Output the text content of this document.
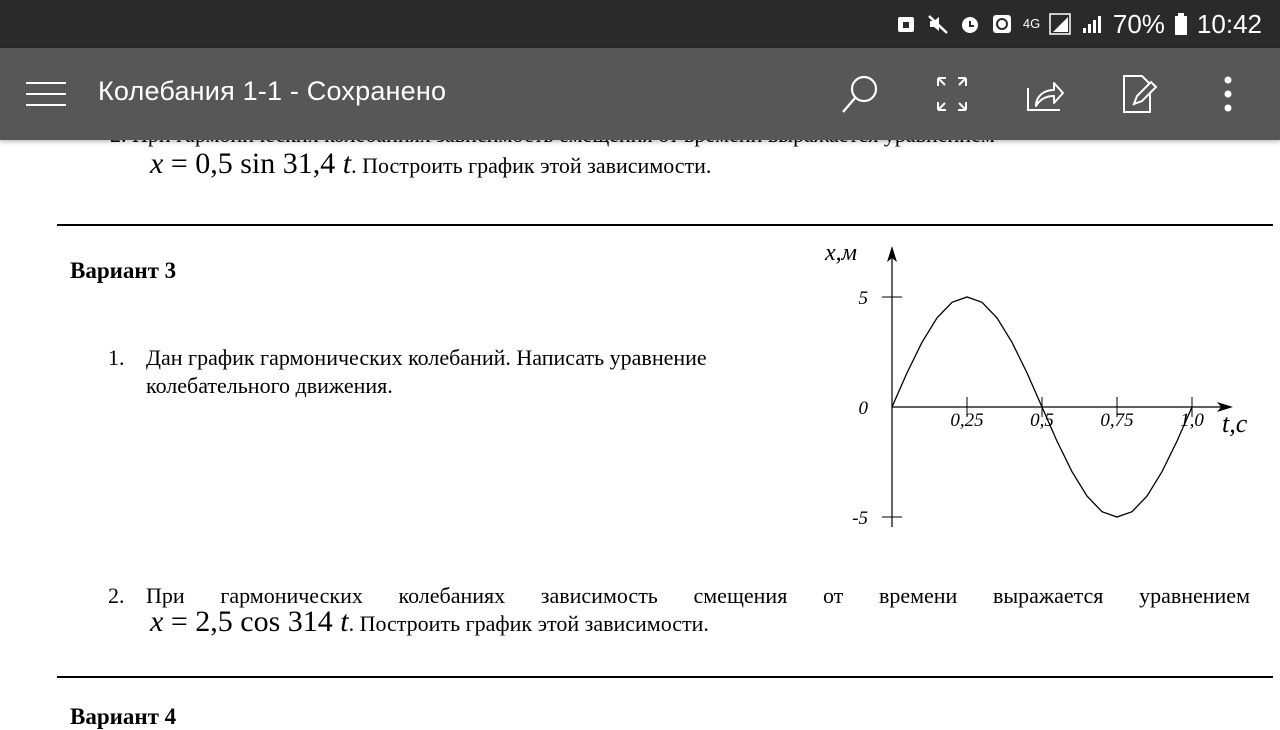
x = 0,5 sin 31,4 t. Построить график этой зависимости.
Вариант 3
1. Дан график гармонических колебаний. Написать уравнение
колебательного движения.
x,м
t,c
0,25 0,5 0,75 1,0
5
0
-5
2. При гармонических колебаниях зависимость смещения от времени выражается уравнением
x = 2,5 cos 314 t. Построить график этой зависимости.
Вариант 4
4G	70% 10:42
Колебания 1-1 - Сохранено
